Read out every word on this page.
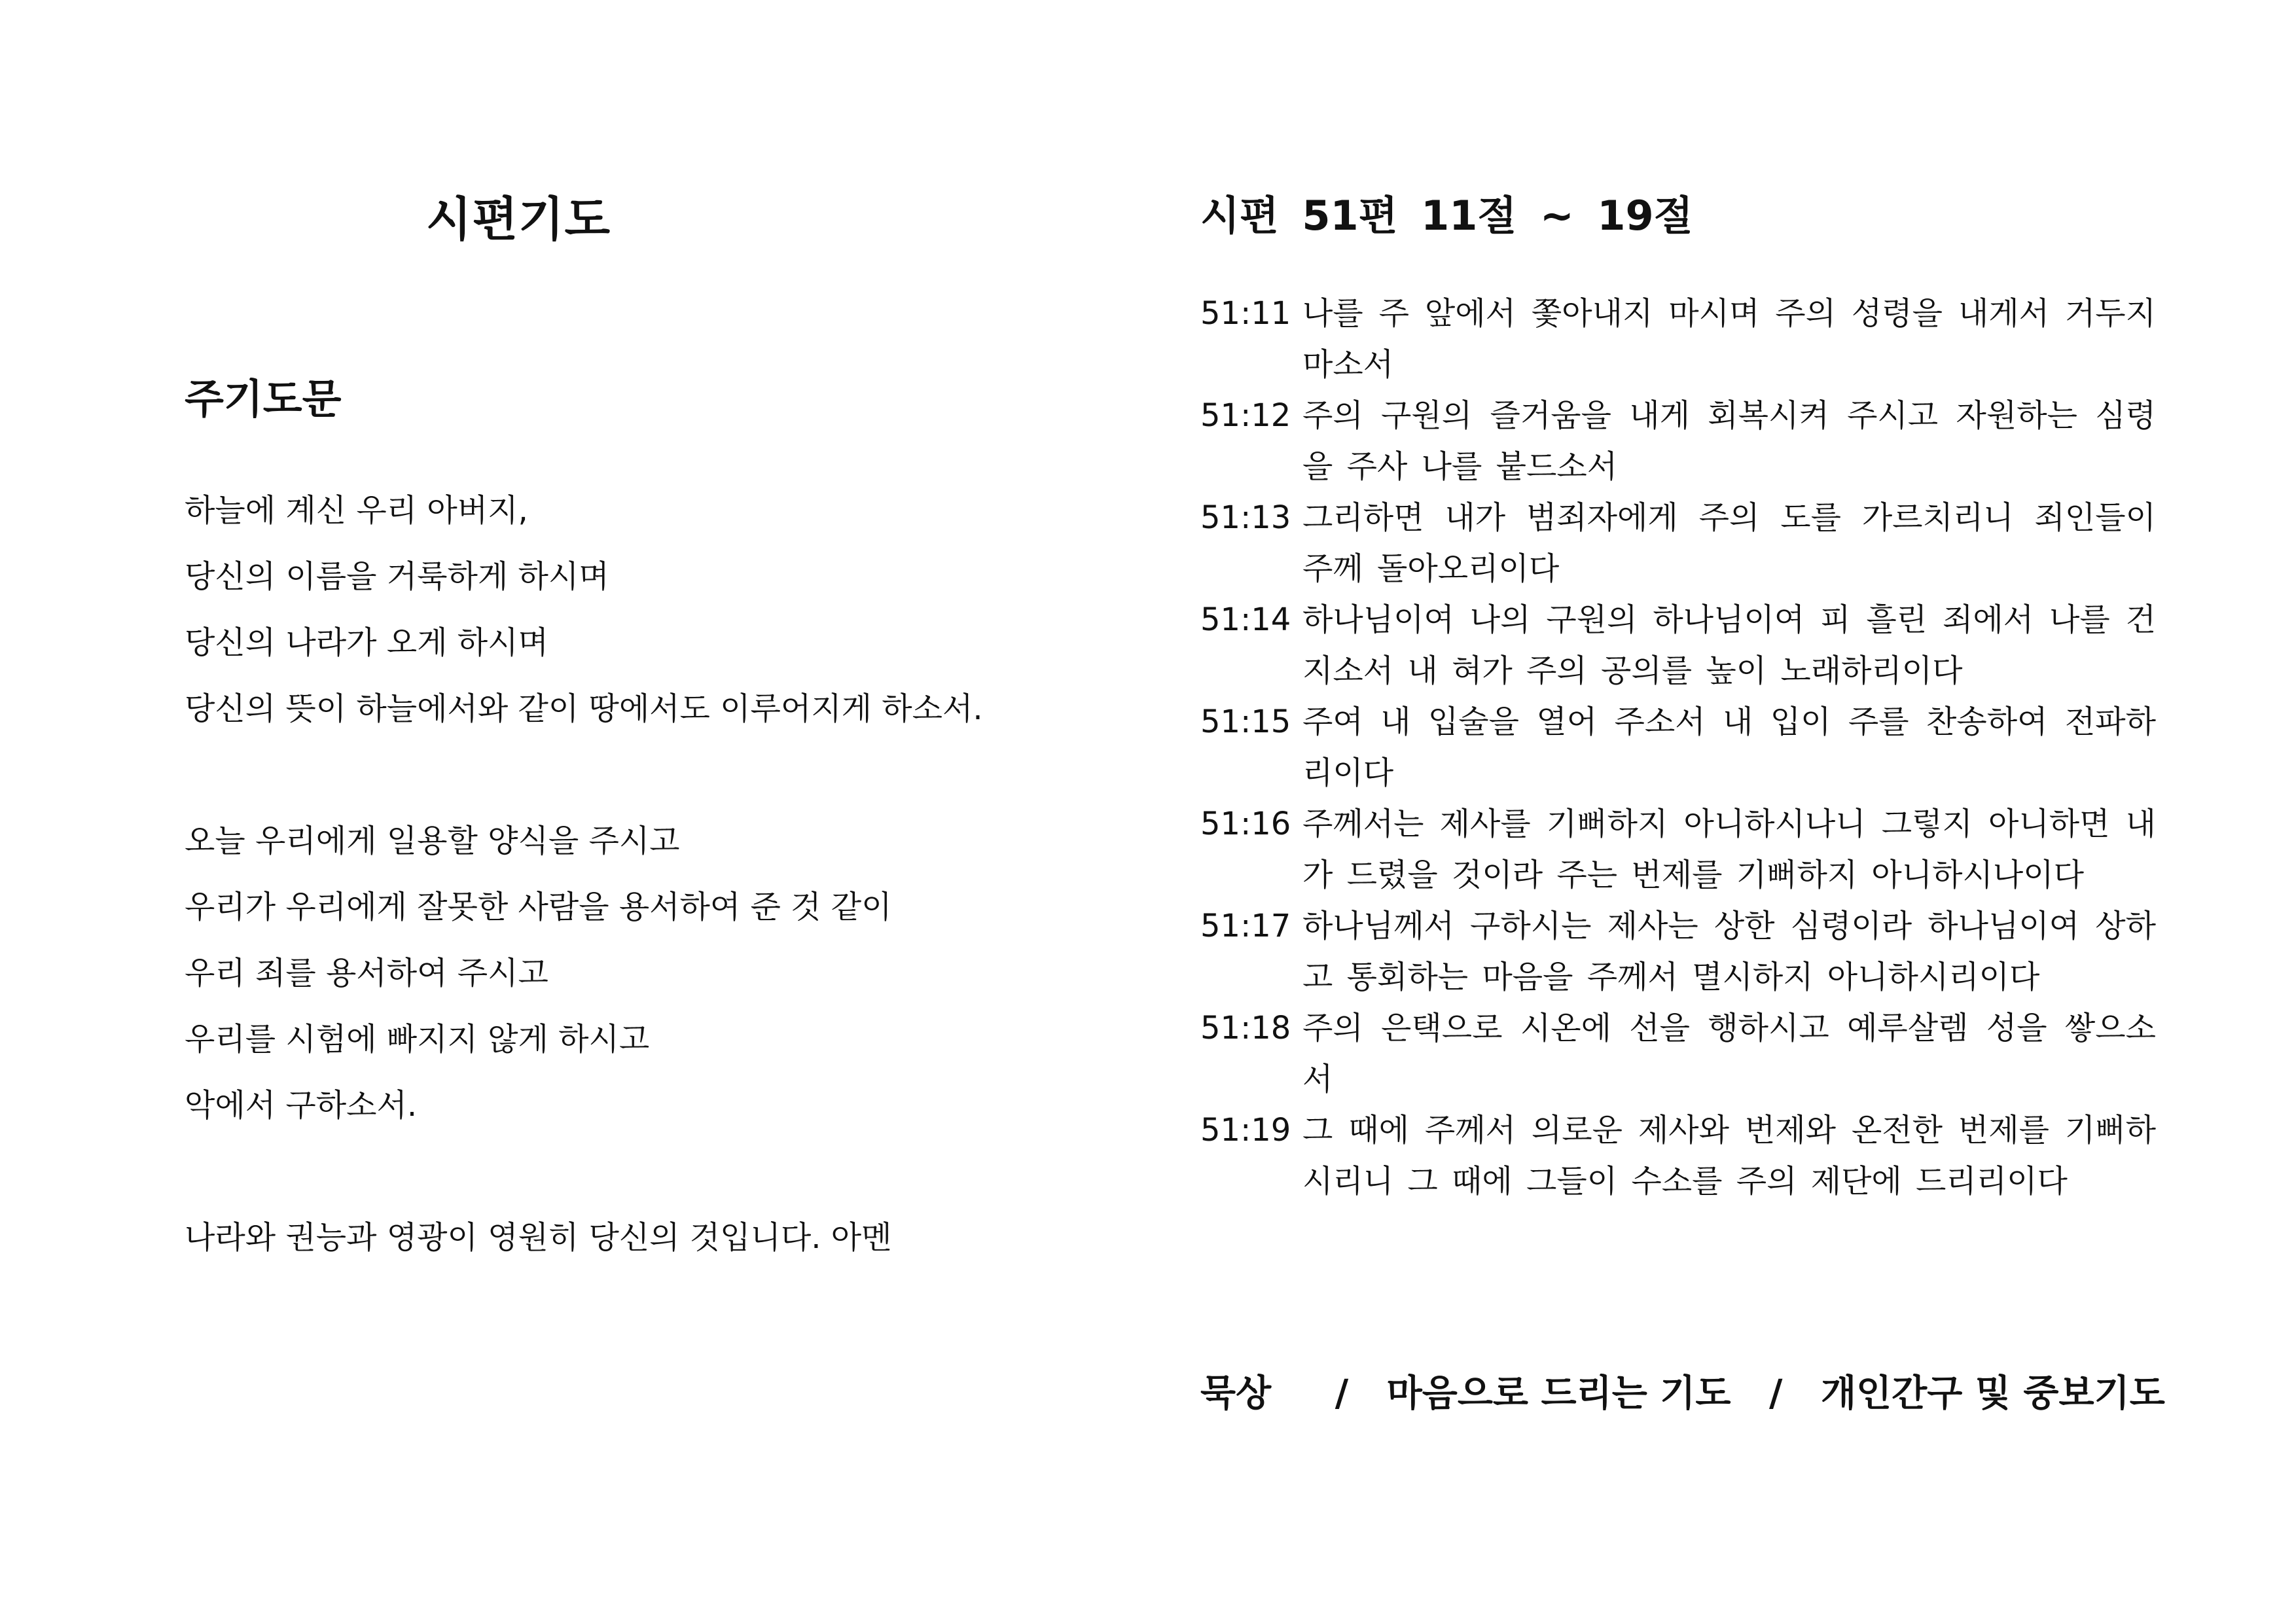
시편기도
주기도문
하늘에 계신 우리 아버지,
당신의 이름을 거룩하게 하시며
당신의 나라가 오게 하시며
당신의 뜻이 하늘에서와 같이 땅에서도 이루어지게 하소서.
오늘 우리에게 일용할 양식을 주시고
우리가 우리에게 잘못한 사람을 용서하여 준 것 같이
우리 죄를 용서하여 주시고
우리를 시험에 빠지지 않게 하시고
악에서 구하소서.
나라와 권능과 영광이 영원히 당신의 것입니다. 아멘
시편 51편 11절 ~ 19절
51:11 나를 주 앞에서 쫓아내지 마시며 주의 성령을 내게서 거두지 마소서
51:12 주의 구원의 즐거움을 내게 회복시켜 주시고 자원하는 심령을 주사 나를 붙드소서
51:13 그리하면 내가 범죄자에게 주의 도를 가르치리니 죄인들이 주께 돌아오리이다
51:14 하나님이여 나의 구원의 하나님이여 피 흘린 죄에서 나를 건지소서 내 혀가 주의 공의를 높이 노래하리이다
51:15 주여 내 입술을 열어 주소서 내 입이 주를 찬송하여 전파하리이다
51:16 주께서는 제사를 기뻐하지 아니하시나니 그렇지 아니하면 내가 드렸을 것이라 주는 번제를 기뻐하지 아니하시나이다
51:17 하나님께서 구하시는 제사는 상한 심령이라 하나님이여 상하고 통회하는 마음을 주께서 멸시하지 아니하시리이다
51:18 주의 은택으로 시온에 선을 행하시고 예루살렘 성을 쌓으소서
51:19 그 때에 주께서 의로운 제사와 번제와 온전한 번제를 기뻐하시리니 그 때에 그들이 수소를 주의 제단에 드리리이다

묵상 / 마음으로 드리는 기도 / 개인간구 및 중보기도
